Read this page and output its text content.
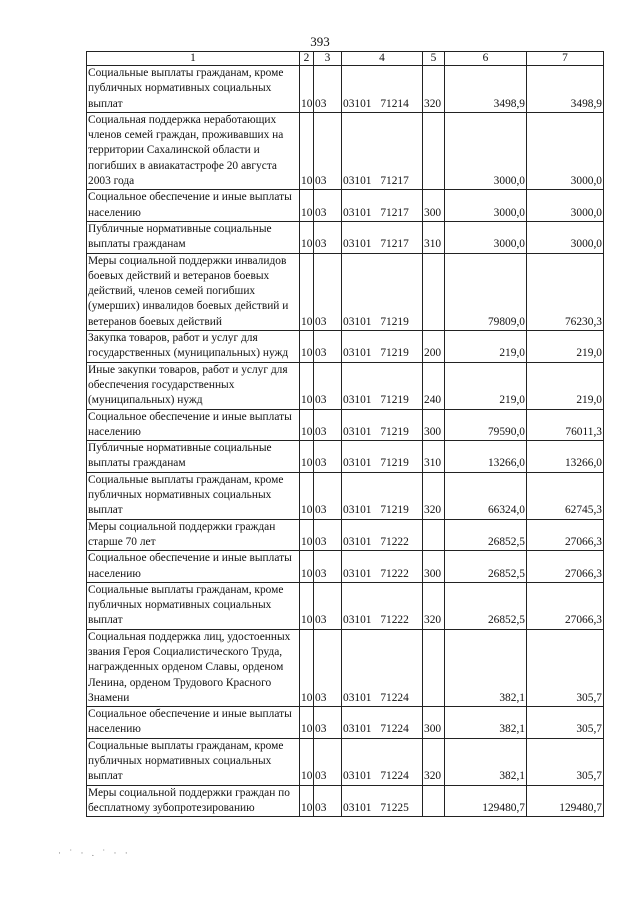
393
1	2	3	4	5	6	7
Социальные выплаты гражданам, кроме публичных нормативных социальных выплат	10	03	03101 71214	320	3498,9	3498,9
Социальная поддержка неработающих членов семей граждан, проживавших на территории Сахалинской области и погибших в авиакатастрофе 20 августа 2003 года	10	03	03101 71217		3000,0	3000,0
Социальное обеспечение и иные выплаты населению	10	03	03101 71217	300	3000,0	3000,0
Публичные нормативные социальные выплаты гражданам	10	03	03101 71217	310	3000,0	3000,0
Меры социальной поддержки инвалидов боевых действий и ветеранов боевых действий, членов семей погибших (умерших) инвалидов боевых действий и ветеранов боевых действий	10	03	03101 71219		79809,0	76230,3
Закупка товаров, работ и услуг для государственных (муниципальных) нужд	10	03	03101 71219	200	219,0	219,0
Иные закупки товаров, работ и услуг для обеспечения государственных (муниципальных) нужд	10	03	03101 71219	240	219,0	219,0
Социальное обеспечение и иные выплаты населению	10.	03	03101 71219	300	79590,0	76011,3
Публичные нормативные социальные выплаты гражданам	10	03	03101 71219	310	13266,0	13266,0
Социальные выплаты гражданам, кроме публичных нормативных социальных выплат	10	03	03101 71219	320	66324,0	62745,3
Меры социальной поддержки граждан старше 70 лет	10	03	03101 71222		26852,5	27066,3
Социальное обеспечение и иные выплаты населению	10	03	03101 71222	300	26852,5	27066,3
Социальные выплаты гражданам, кроме публичных нормативных социальных выплат	10	03	03101 71222	320	26852,5	27066,3
Социальная поддержка лиц, удостоенных звания Героя Социалистического Труда, награжденных орденом Славы, орденом Ленина, орденом Трудового Красного Знамени	10	03	03101 71224		382,1	305,7
Социальное обеспечение и иные выплаты населению	10	03	03101 71224	300	382,1	305,7
Социальные выплаты гражданам, кроме публичных нормативных социальных выплат	10	03	03101 71224	320	382,1	305,7
Меры социальной поддержки граждан по бесплатному зубопротезированию	10	03	03101 71225		129480,7	129480,7
· ˙ · . ˙ · ·
